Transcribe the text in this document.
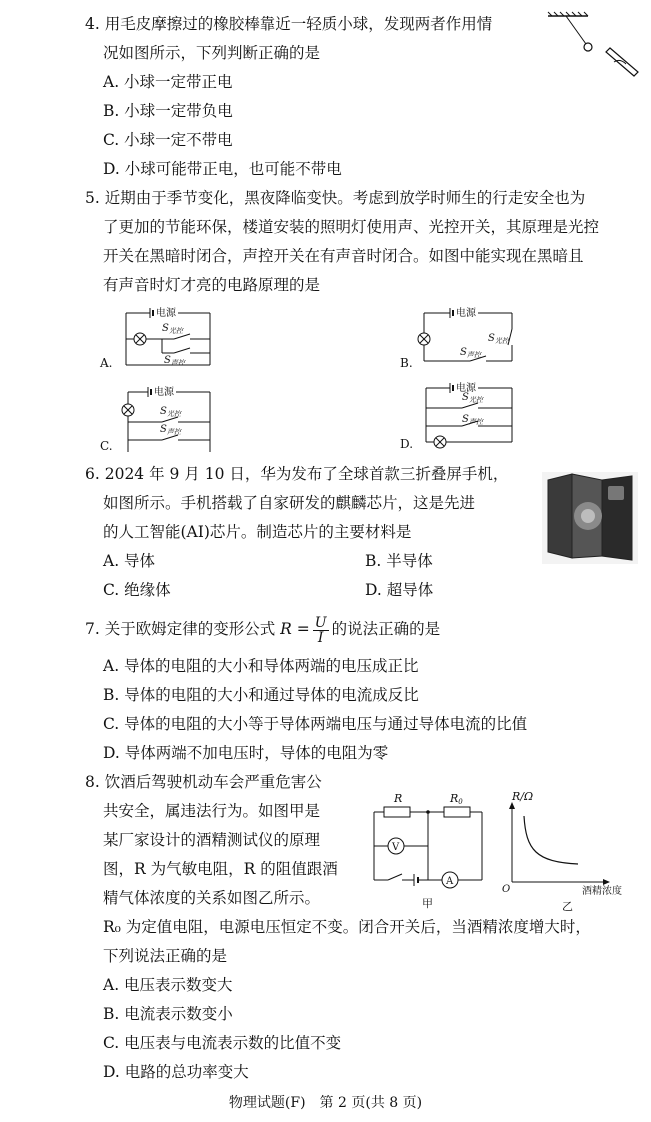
4. 用毛皮摩擦过的橡胶棒靠近一轻质小球，发现两者作用情
况如图所示，下列判断正确的是
A. 小球一定带正电
B. 小球一定带负电
C. 小球一定不带电
D. 小球可能带正电，也可能不带电
5. 近期由于季节变化，黑夜降临变快。考虑到放学时师生的行走安全也为
了更加的节能环保，楼道安装的照明灯使用声、光控开关，其原理是光控
开关在黑暗时闭合，声控开关在有声音时闭合。如图中能实现在黑暗且
有声音时灯才亮的电路原理的是
A.
电源
$S_{光控}$
$S_{声控}$	B.
电源
$S_{光控}$
$S_{声控}$
C.
电源
$S_{光控}$
$S_{声控}$
D.
电源
$S_{光控}$
$S_{声控}$
6. 2024 年 9 月 10 日，华为发布了全球首款三折叠屏手机，
如图所示。手机搭载了自家研发的麒麟芯片，这是先进
的人工智能(AI)芯片。制造芯片的主要材料是
A. 导体	B. 半导体
C. 绝缘体	D. 超导体
7. 关于欧姆定律的变形公式 $R = \frac{U}{I}$ 的说法正确的是
A. 导体的电阻的大小和导体两端的电压成正比
B. 导体的电阻的大小和通过导体的电流成反比
C. 导体的电阻的大小等于导体两端电压与通过导体电流的比值
D. 导体两端不加电压时，导体的电阻为零
8. 饮酒后驾驶机动车会严重危害公
共安全，属违法行为。如图甲是
某厂家设计的酒精测试仪的原理
图，R 为气敏电阻，R 的阻值跟酒
精气体浓度的关系如图乙所示。
R₀ 为定值电阻，电源电压恒定不变。闭合开关后，当酒精浓度增大时，
下列说法正确的是
A. 电压表示数变大
B. 电流表示数变小
C. 电压表与电流表示数的比值不变
D. 电路的总功率变大
R	R0
V
A
甲
R/Ω
O	酒精浓度
乙
物理试题(F)　第 2 页(共 8 页)
